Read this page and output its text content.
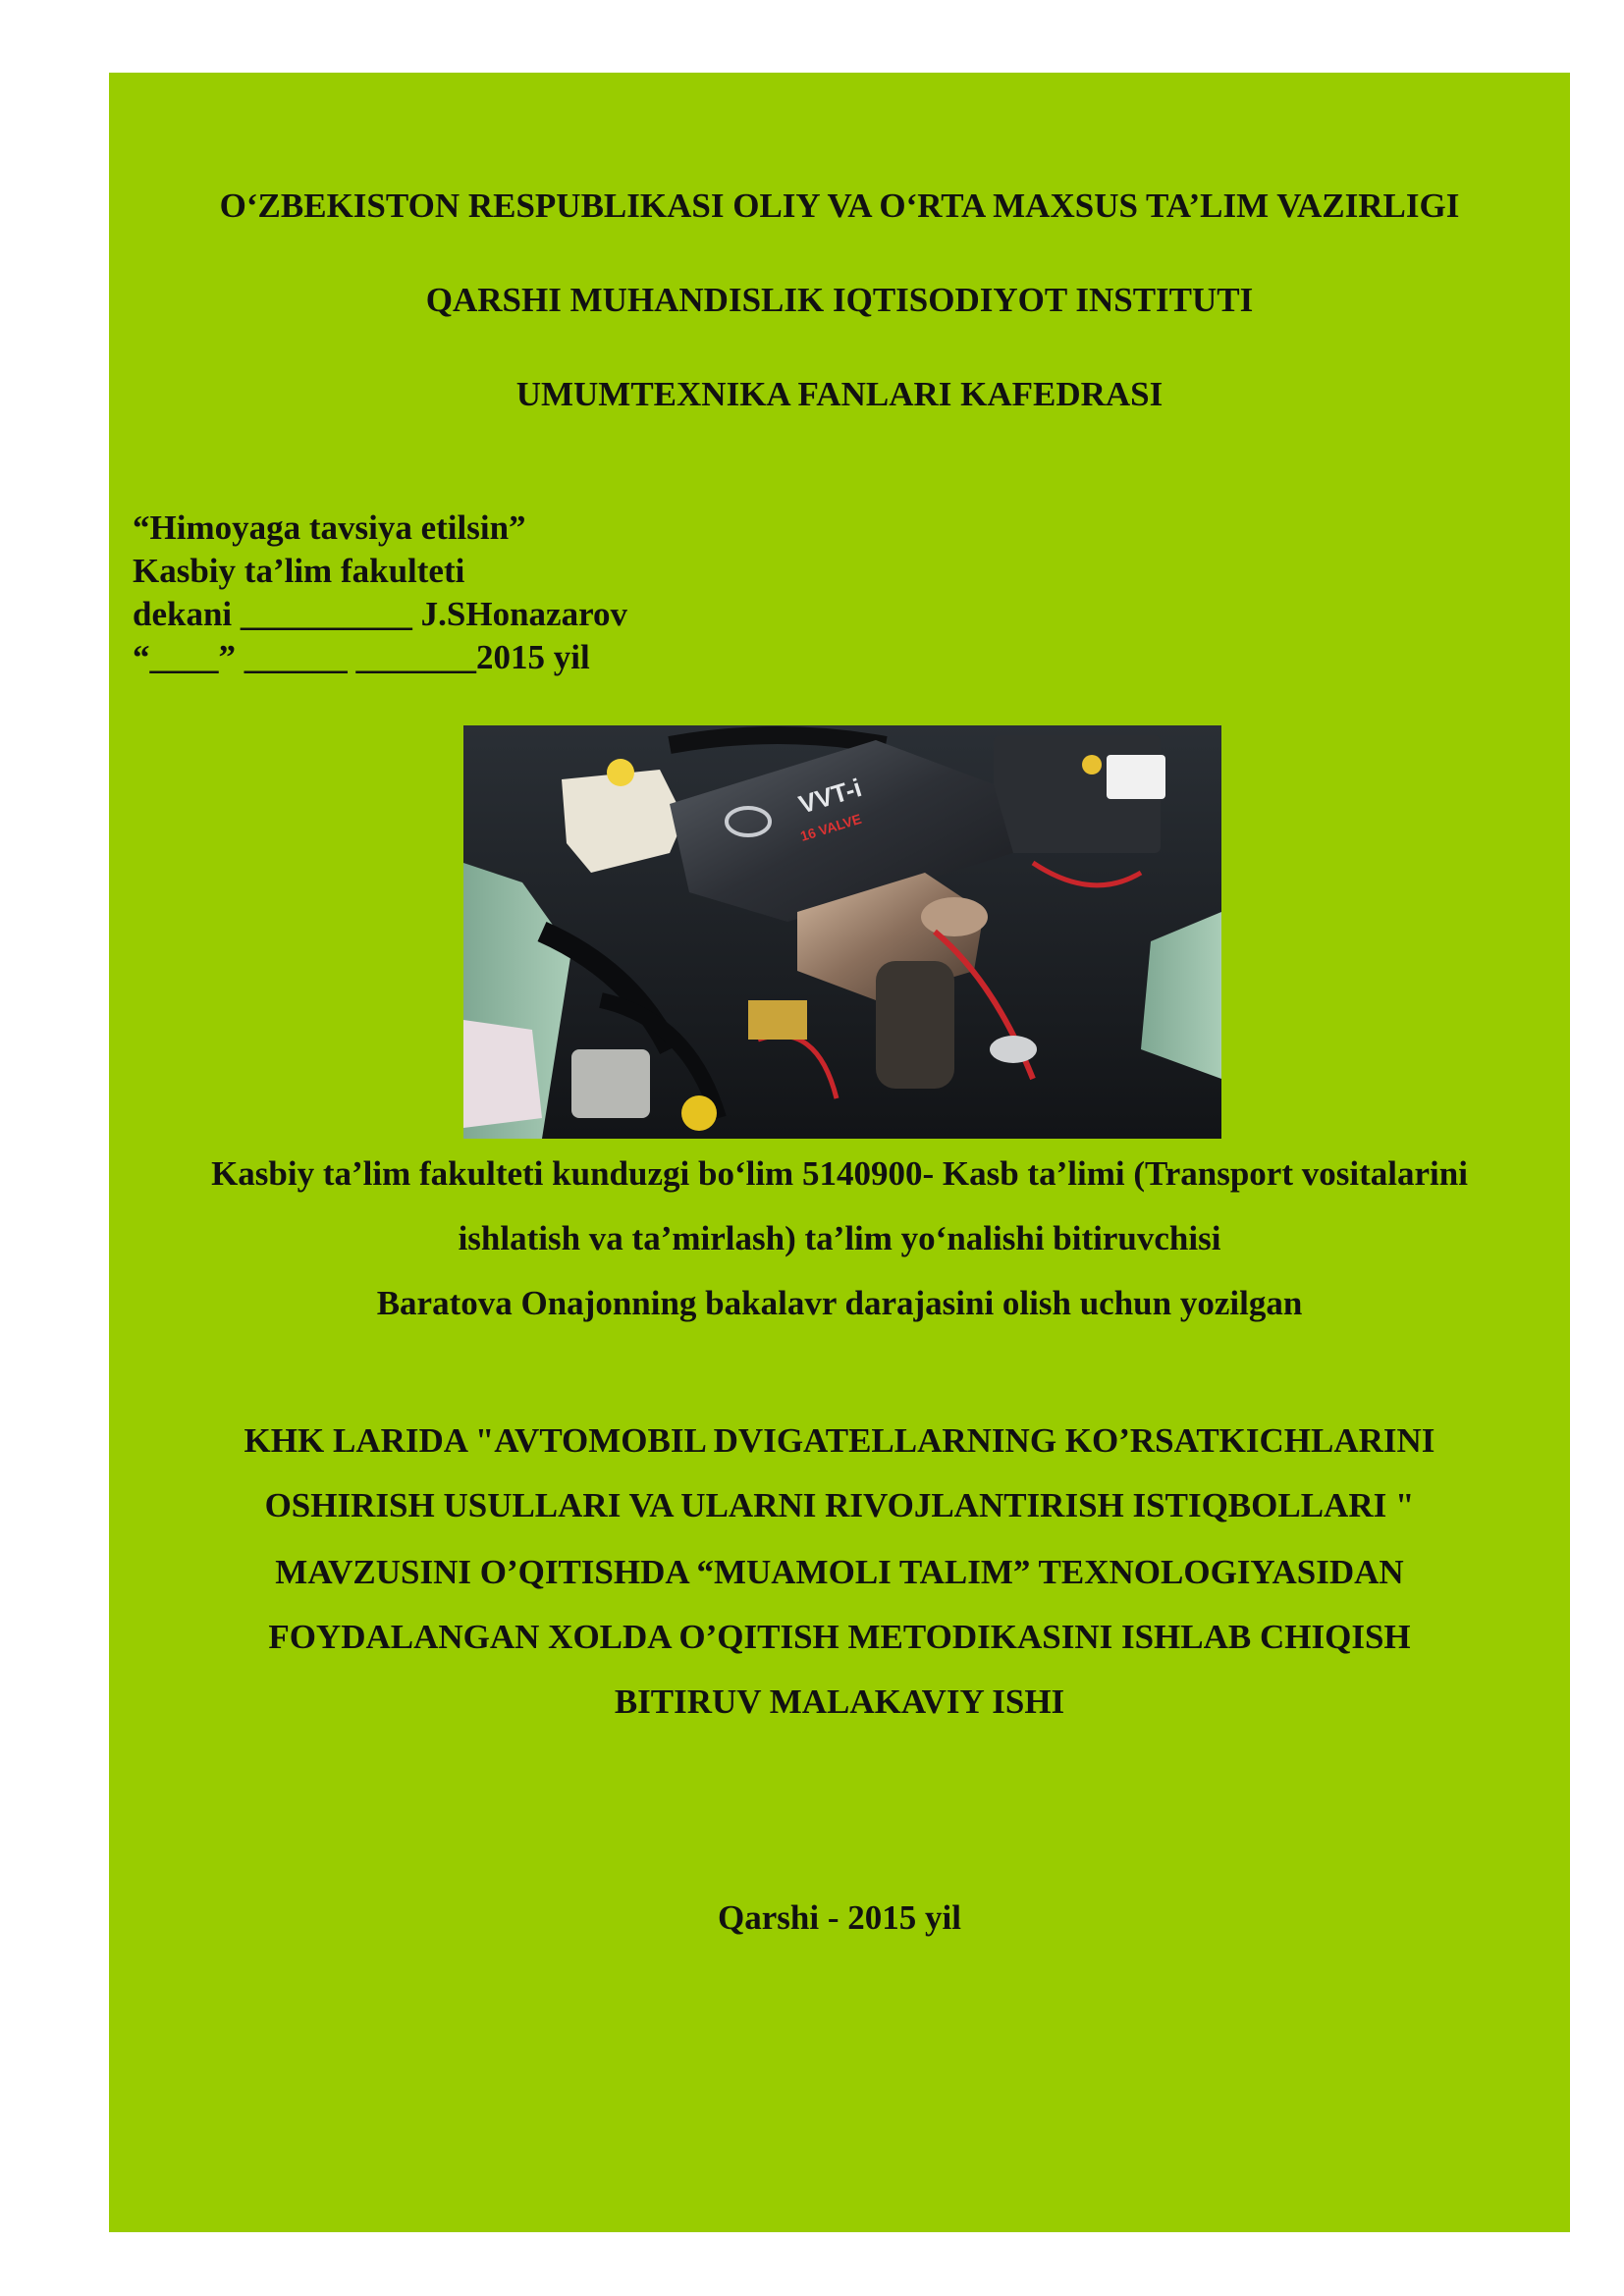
O‘ZBEKISTON RESPUBLIKASI OLIY VA O‘RTA MAXSUS TA’LIM VAZIRLIGI
QARSHI MUHANDISLIK IQTISODIYOT INSTITUTI
UMUMTEXNIKA FANLARI KAFEDRASI
“Himoyaga tavsiya etilsin”
Kasbiy ta’lim fakulteti
dekani __________ J.SHonazarov
“____” ______ _______2015 yil
VVT-i
16 VALVE
Kasbiy ta’lim fakulteti kunduzgi bo‘lim 5140900- Kasb ta’limi (Transport vositalarini
ishlatish va ta’mirlash) ta’lim yo‘nalishi bitiruvchisi
Baratova Onajonning bakalavr darajasini olish uchun yozilgan
KHK LARIDA "AVTOMOBIL DVIGATELLARNING KO’RSATKICHLARINI
OSHIRISH USULLARI VA ULARNI RIVOJLANTIRISH ISTIQBOLLARI "
MAVZUSINI O’QITISHDA “MUAMOLI TALIM” TEXNOLOGIYASIDAN
FOYDALANGAN XOLDA O’QITISH METODIKASINI ISHLAB CHIQISH
BITIRUV MALAKAVIY ISHI
Qarshi - 2015 yil
